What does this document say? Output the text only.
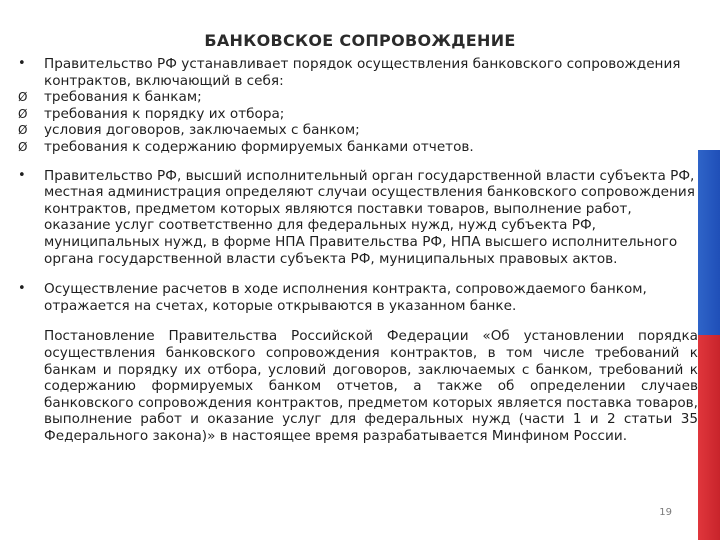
БАНКОВСКОЕ СОПРОВОЖДЕНИЕ
•	Правительство РФ устанавливает порядок осуществления банковского сопровождения контрактов, включающий в себя:
Ø	требования к банкам;
Ø	требования к порядку их отбора;
Ø	условия договоров, заключаемых с банком;
Ø	требования к содержанию формируемых банками отчетов.
•	Правительство РФ, высший исполнительный орган государственной власти субъекта РФ, местная администрация определяют случаи осуществления банковского сопровождения контрактов, предметом которых являются поставки товаров, выполнение работ, оказание услуг соответственно для федеральных нужд, нужд субъекта РФ, муниципальных нужд, в форме НПА Правительства РФ, НПА высшего исполнительного органа государственной власти субъекта РФ, муниципальных правовых актов.
•	Осуществление расчетов в ходе исполнения контракта, сопровождаемого банком, отражается на счетах, которые открываются в указанном банке.
Постановление Правительства Российской Федерации «Об установлении порядка осуществления банковского сопровождения контрактов, в том числе требований к банкам и порядку их отбора, условий договоров, заключаемых с банком, требований к содержанию формируемых банком отчетов, а также об определении случаев банковского сопровождения контрактов, предметом которых является поставка товаров, выполнение работ и оказание услуг для федеральных нужд (части 1 и 2 статьи 35 Федерального закона)» в настоящее время разрабатывается Минфином России.
19
